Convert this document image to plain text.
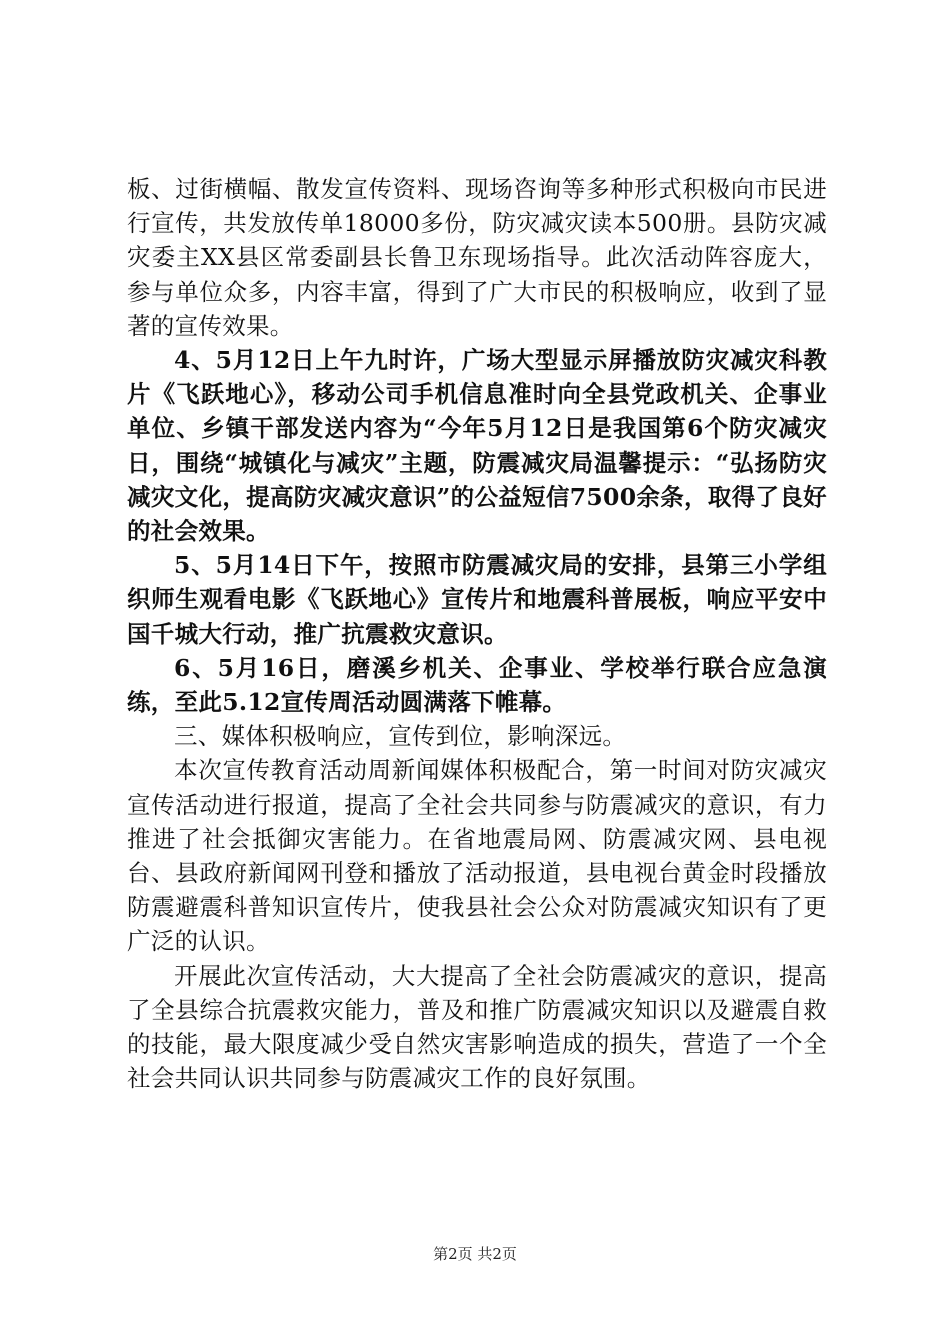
板、过街横幅、散发宣传资料、现场咨询等多种形式积极向市民进行宣传，共发放传单18000多份，防灾减灾读本500册。县防灾减灾委主XX县区常委副县长鲁卫东现场指导。此次活动阵容庞大，参与单位众多，内容丰富，得到了广大市民的积极响应，收到了显著的宣传效果。

4、5月12日上午九时许，广场大型显示屏播放防灾减灾科教片《飞跃地心》，移动公司手机信息准时向全县党政机关、企事业单位、乡镇干部发送内容为“今年5月12日是我国第6个防灾减灾日，围绕“城镇化与减灾”主题，防震减灾局温馨提示：“弘扬防灾减灾文化，提高防灾减灾意识”的公益短信7500余条，取得了良好的社会效果。

5、5月14日下午，按照市防震减灾局的安排，县第三小学组织师生观看电影《飞跃地心》宣传片和地震科普展板，响应平安中国千城大行动，推广抗震救灾意识。

6、5月16日，磨溪乡机关、企事业、学校举行联合应急演练，至此5.12宣传周活动圆满落下帷幕。

三、媒体积极响应，宣传到位，影响深远。

本次宣传教育活动周新闻媒体积极配合，第一时间对防灾减灾宣传活动进行报道，提高了全社会共同参与防震减灾的意识，有力推进了社会抵御灾害能力。在省地震局网、防震减灾网、县电视台、县政府新闻网刊登和播放了活动报道，县电视台黄金时段播放防震避震科普知识宣传片，使我县社会公众对防震减灾知识有了更广泛的认识。

开展此次宣传活动，大大提高了全社会防震减灾的意识，提高了全县综合抗震救灾能力，普及和推广防震减灾知识以及避震自救的技能，最大限度减少受自然灾害影响造成的损失，营造了一个全社会共同认识共同参与防震减灾工作的良好氛围。

第2页 共2页
